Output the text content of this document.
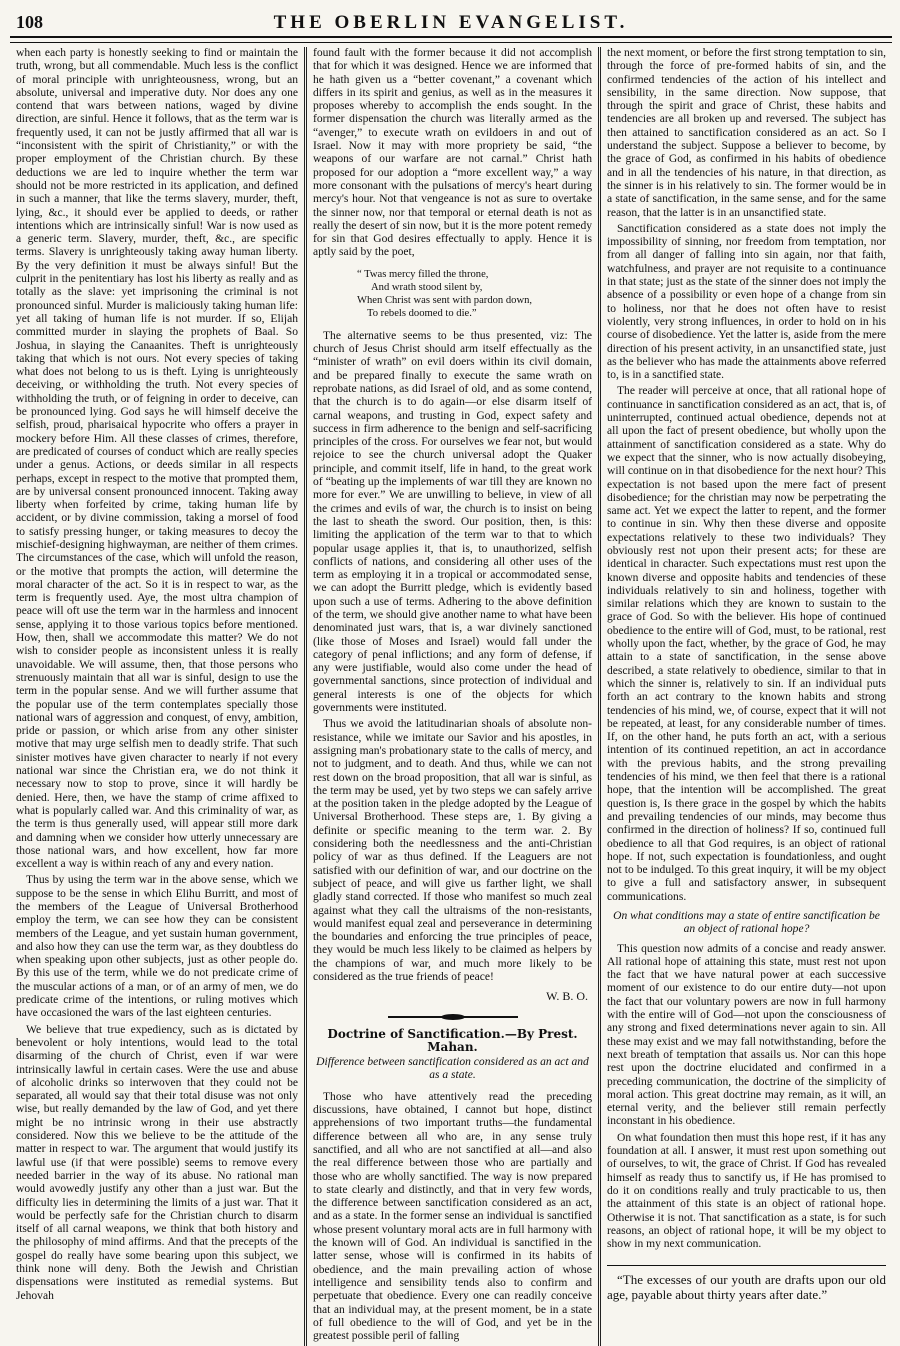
108	THE OBERLIN EVANGELIST.

when each party is honestly seeking to find or maintain the truth, wrong, but all commendable. Much less is the conflict of moral principle with unrighteousness, wrong, but an absolute, universal and imperative duty. Nor does any one contend that wars between nations, waged by divine direction, are sinful. Hence it follows, that as the term war is frequently used, it can not be justly affirmed that all war is “inconsistent with the spirit of Christianity,” or with the proper employment of the Christian church. By these deductions we are led to inquire whether the term war should not be more restricted in its application, and defined in such a manner, that like the terms slavery, murder, theft, lying, &c., it should ever be applied to deeds, or rather intentions which are intrinsically sinful! War is now used as a generic term. Slavery, murder, theft, &c., are specific terms. Slavery is unrighteously taking away human liberty. By the very definition it must be always sinful! But the culprit in the penitentiary has lost his liberty as really and as totally as the slave: yet imprisoning the criminal is not pronounced sinful. Murder is maliciously taking human life: yet all taking of human life is not murder. If so, Elijah committed murder in slaying the prophets of Baal. So Joshua, in slaying the Canaanites. Theft is unrighteously taking that which is not ours. Not every species of taking what does not belong to us is theft. Lying is unrighteously deceiving, or withholding the truth. Not every species of withholding the truth, or of feigning in order to deceive, can be pronounced lying. God says he will himself deceive the selfish, proud, pharisaical hypocrite who offers a prayer in mockery before Him. All these classes of crimes, therefore, are predicated of courses of conduct which are really species under a genus. Actions, or deeds similar in all respects perhaps, except in respect to the motive that prompted them, are by universal consent pronounced innocent. Taking away liberty when forfeited by crime, taking human life by accident, or by divine commission, taking a morsel of food to satisfy pressing hunger, or taking measures to decoy the mischief-designing highwayman, are neither of them crimes. The circumstances of the case, which will unfold the reason, or the motive that prompts the action, will determine the moral character of the act. So it is in respect to war, as the term is frequently used. Aye, the most ultra champion of peace will oft use the term war in the harmless and innocent sense, applying it to those various topics before mentioned. How, then, shall we accommodate this matter? We do not wish to consider people as inconsistent unless it is really unavoidable. We will assume, then, that those persons who strenuously maintain that all war is sinful, design to use the term in the popular sense. And we will further assume that the popular use of the term contemplates specially those national wars of aggression and conquest, of envy, ambition, pride or passion, or which arise from any other sinister motive that may urge selfish men to deadly strife. That such sinister motives have given character to nearly if not every national war since the Christian era, we do not think it necessary now to stop to prove, since it will hardly be denied. Here, then, we have the stamp of crime affixed to what is popularly called war. And this criminality of war, as the term is thus generally used, will appear still more dark and damning when we consider how utterly unnecessary are those national wars, and how excellent, how far more excellent a way is within reach of any and every nation.

Thus by using the term war in the above sense, which we suppose to be the sense in which Elihu Burritt, and most of the members of the League of Universal Brotherhood employ the term, we can see how they can be consistent members of the League, and yet sustain human government, and also how they can use the term war, as they doubtless do when speaking upon other subjects, just as other people do. By this use of the term, while we do not predicate crime of the muscular actions of a man, or of an army of men, we do predicate crime of the intentions, or ruling motives which have occasioned the wars of the last eighteen centuries.

We believe that true expediency, such as is dictated by benevolent or holy intentions, would lead to the total disarming of the church of Christ, even if war were intrinsically lawful in certain cases. Were the use and abuse of alcoholic drinks so interwoven that they could not be separated, all would say that their total disuse was not only wise, but really demanded by the law of God, and yet there might be no intrinsic wrong in their use abstractly considered. Now this we believe to be the attitude of the matter in respect to war. The argument that would justify its lawful use (if that were possible) seems to remove every needed barrier in the way of its abuse. No rational man would avowedly justify any other than a just war. But the difficulty lies in determining the limits of a just war. That it would be perfectly safe for the Christian church to disarm itself of all carnal weapons, we think that both history and the philosophy of mind affirms. And that the precepts of the gospel do really have some bearing upon this subject, we think none will deny. Both the Jewish and Christian dispensations were instituted as remedial systems. But Jehovah

found fault with the former because it did not accomplish that for which it was designed. Hence we are informed that he hath given us a “better covenant,” a covenant which differs in its spirit and genius, as well as in the measures it proposes whereby to accomplish the ends sought. In the former dispensation the church was literally armed as the “avenger,” to execute wrath on evildoers in and out of Israel. Now it may with more propriety be said, “the weapons of our warfare are not carnal.” Christ hath proposed for our adoption a “more excellent way,” a way more consonant with the pulsations of mercy's heart during mercy's hour. Not that vengeance is not as sure to overtake the sinner now, nor that temporal or eternal death is not as really the desert of sin now, but it is the more potent remedy for sin that God desires effectually to apply. Hence it is aptly said by the poet,

“ Twas mercy filled the throne,
And wrath stood silent by,
When Christ was sent with pardon down,
To rebels doomed to die.”

The alternative seems to be thus presented, viz: The church of Jesus Christ should arm itself effectually as the “minister of wrath” on evil doers within its civil domain, and be prepared finally to execute the same wrath on reprobate nations, as did Israel of old, and as some contend, that the church is to do again—or else disarm itself of carnal weapons, and trusting in God, expect safety and success in firm adherence to the benign and self-sacrificing principles of the cross. For ourselves we fear not, but would rejoice to see the church universal adopt the Quaker principle, and commit itself, life in hand, to the great work of “beating up the implements of war till they are known no more for ever.” We are unwilling to believe, in view of all the crimes and evils of war, the church is to insist on being the last to sheath the sword. Our position, then, is this: limiting the application of the term war to that to which popular usage applies it, that is, to unauthorized, selfish conflicts of nations, and considering all other uses of the term as employing it in a tropical or accommodated sense, we can adopt the Burritt pledge, which is evidently based upon such a use of terms. Adhering to the above definition of the term, we should give another name to what have been denominated just wars, that is, a war divinely sanctioned (like those of Moses and Israel) would fall under the category of penal inflictions; and any form of defense, if any were justifiable, would also come under the head of governmental sanctions, since protection of individual and general interests is one of the objects for which governments were instituted.

Thus we avoid the latitudinarian shoals of absolute non-resistance, while we imitate our Savior and his apostles, in assigning man's probationary state to the calls of mercy, and not to judgment, and to death. And thus, while we can not rest down on the broad proposition, that all war is sinful, as the term may be used, yet by two steps we can safely arrive at the position taken in the pledge adopted by the League of Universal Brotherhood. These steps are, 1. By giving a definite or specific meaning to the term war. 2. By considering both the needlessness and the anti-Christian policy of war as thus defined. If the Leaguers are not satisfied with our definition of war, and our doctrine on the subject of peace, and will give us farther light, we shall gladly stand corrected. If those who manifest so much zeal against what they call the ultraisms of the non-resistants, would manifest equal zeal and perseverance in determining the boundaries and enforcing the true principles of peace, they would be much less likely to be claimed as helpers by the champions of war, and much more likely to be considered as the true friends of peace!

W. B. O.
Doctrine of Sanctification.—By Prest. Mahan.
Difference between sanctification considered as an act and as a state.

Those who have attentively read the preceding discussions, have obtained, I cannot but hope, distinct apprehensions of two important truths—the fundamental difference between all who are, in any sense truly sanctified, and all who are not sanctified at all—and also the real difference between those who are partially and those who are wholly sanctified. The way is now prepared to state clearly and distinctly, and that in very few words, the difference between sanctification considered as an act, and as a state. In the former sense an individual is sanctified whose present voluntary moral acts are in full harmony with the known will of God. An individual is sanctified in the latter sense, whose will is confirmed in its habits of obedience, and the main prevailing action of whose intelligence and sensibility tends also to confirm and perpetuate that obedience. Every one can readily conceive that an individual may, at the present moment, be in a state of full obedience to the will of God, and yet be in the greatest possible peril of falling

the next moment, or before the first strong temptation to sin, through the force of pre-formed habits of sin, and the confirmed tendencies of the action of his intellect and sensibility, in the same direction. Now suppose, that through the spirit and grace of Christ, these habits and tendencies are all broken up and reversed. The subject has then attained to sanctification considered as an act. So I understand the subject. Suppose a believer to become, by the grace of God, as confirmed in his habits of obedience and in all the tendencies of his nature, in that direction, as the sinner is in his relatively to sin. The former would be in a state of sanctification, in the same sense, and for the same reason, that the latter is in an unsanctified state.

Sanctification considered as a state does not imply the impossibility of sinning, nor freedom from temptation, nor from all danger of falling into sin again, nor that faith, watchfulness, and prayer are not requisite to a continuance in that state; just as the state of the sinner does not imply the absence of a possibility or even hope of a change from sin to holiness, nor that he does not often have to resist violently, very strong influences, in order to hold on in his course of disobedience. Yet the latter is, aside from the mere direction of his present activity, in an unsanctified state, just as the believer who has made the attainments above referred to, is in a sanctified state.

The reader will perceive at once, that all rational hope of continuance in sanctification considered as an act, that is, of uninterrupted, continued actual obedience, depends not at all upon the fact of present obedience, but wholly upon the attainment of sanctification considered as a state. Why do we expect that the sinner, who is now actually disobeying, will continue on in that disobedience for the next hour? This expectation is not based upon the mere fact of present disobedience; for the christian may now be perpetrating the same act. Yet we expect the latter to repent, and the former to continue in sin. Why then these diverse and opposite expectations relatively to these two individuals? They obviously rest not upon their present acts; for these are identical in character. Such expectations must rest upon the known diverse and opposite habits and tendencies of these individuals relatively to sin and holiness, together with similar relations which they are known to sustain to the grace of God. So with the believer. His hope of continued obedience to the entire will of God, must, to be rational, rest wholly upon the fact, whether, by the grace of God, he may attain to a state of sanctification, in the sense above described, a state relatively to obedience, similar to that in which the sinner is, relatively to sin. If an individual puts forth an act contrary to the known habits and strong tendencies of his mind, we, of course, expect that it will not be repeated, at least, for any considerable number of times. If, on the other hand, he puts forth an act, with a serious intention of its continued repetition, an act in accordance with the previous habits, and the strong prevailing tendencies of his mind, we then feel that there is a rational hope, that the intention will be accomplished. The great question is, Is there grace in the gospel by which the habits and prevailing tendencies of our minds, may become thus confirmed in the direction of holiness? If so, continued full obedience to all that God requires, is an object of rational hope. If not, such expectation is foundationless, and ought not to be indulged. To this great inquiry, it will be my object to give a full and satisfactory answer, in subsequent communications.

On what conditions may a state of entire sanctification be an object of rational hope?

This question now admits of a concise and ready answer. All rational hope of attaining this state, must rest not upon the fact that we have natural power at each successive moment of our existence to do our entire duty—not upon the fact that our voluntary powers are now in full harmony with the entire will of God—not upon the consciousness of any strong and fixed determinations never again to sin. All these may exist and we may fall notwithstanding, before the next breath of temptation that assails us. Nor can this hope rest upon the doctrine elucidated and confirmed in a preceding communication, the doctrine of the simplicity of moral action. This great doctrine may remain, as it will, an eternal verity, and the believer still remain perfectly inconstant in his obedience.

On what foundation then must this hope rest, if it has any foundation at all. I answer, it must rest upon something out of ourselves, to wit, the grace of Christ. If God has revealed himself as ready thus to sanctify us, if He has promised to do it on conditions really and truly practicable to us, then the attainment of this state is an object of rational hope. Otherwise it is not. That sanctification as a state, is for such reasons, an object of rational hope, it will be my object to show in my next communication.

“The excesses of our youth are drafts upon our old age, payable about thirty years after date.”
